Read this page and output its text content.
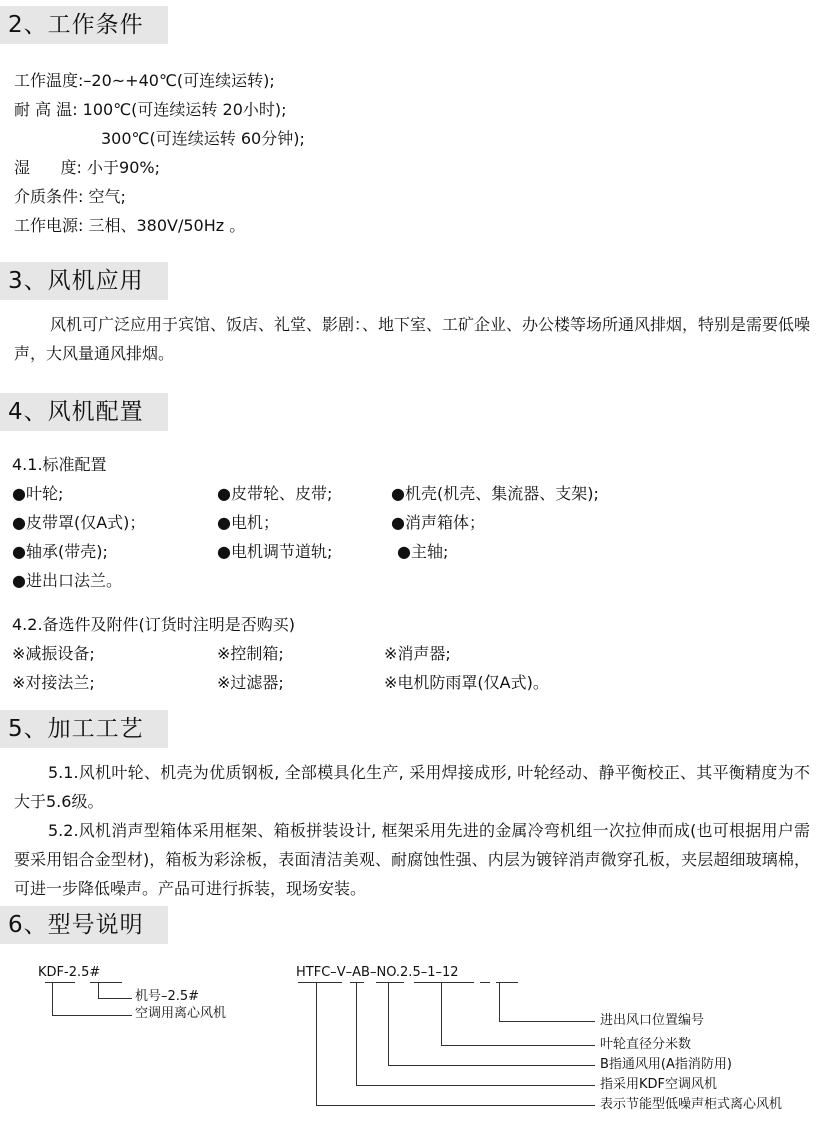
2、工作条件
工作温度:–20~+40℃(可连续运转);
耐 高 温: 100℃(可连续运转 20小时);
300℃(可连续运转 60分钟);
湿      度: 小于90%;
介质条件: 空气;
工作电源: 三相、380V/50Hz 。
3、风机应用
风机可广泛应用于宾馆、饭店、礼堂、影剧：、地下室、工矿企业、办公楼等场所通风排烟，特别是需要低噪声，大风量通风排烟。
4、风机配置
4.1.标准配置
●叶轮;	●皮带轮、皮带;	●机壳(机壳、集流器、支架);
●皮带罩(仅A式)；	●电机；	●消声箱体；
●轴承(带壳);	●电机调节道轨;	●主轴;
●进出口法兰。
4.2.备选件及附件(订货时注明是否购买)
※减振设备;	※控制箱;	※消声器;
※对接法兰;	※过滤器;	※电机防雨罩(仅A式)。
5、加工工艺
5.1.风机叶轮、机壳为优质钢板, 全部模具化生产, 采用焊接成形, 叶轮经动、静平衡校正、其平衡精度为不大于5.6级。
5.2.风机消声型箱体采用框架、箱板拼装设计, 框架采用先进的金属冷弯机组一次拉伸而成(也可根据用户需要采用铝合金型材)，箱板为彩涂板，表面清洁美观、耐腐蚀性强、内层为镀锌消声微穿孔板，夹层超细玻璃棉，可进一步降低噪声。产品可进行拆装，现场安装。
6、型号说明
KDF-2.5#
机号–2.5#
空调用离心风机
HTFC–V–AB–NO.2.5–1–12
进出风口位置编号
叶轮直径分米数
B指通风用(A指消防用)
指采用KDF空调风机
表示节能型低噪声柜式离心风机
